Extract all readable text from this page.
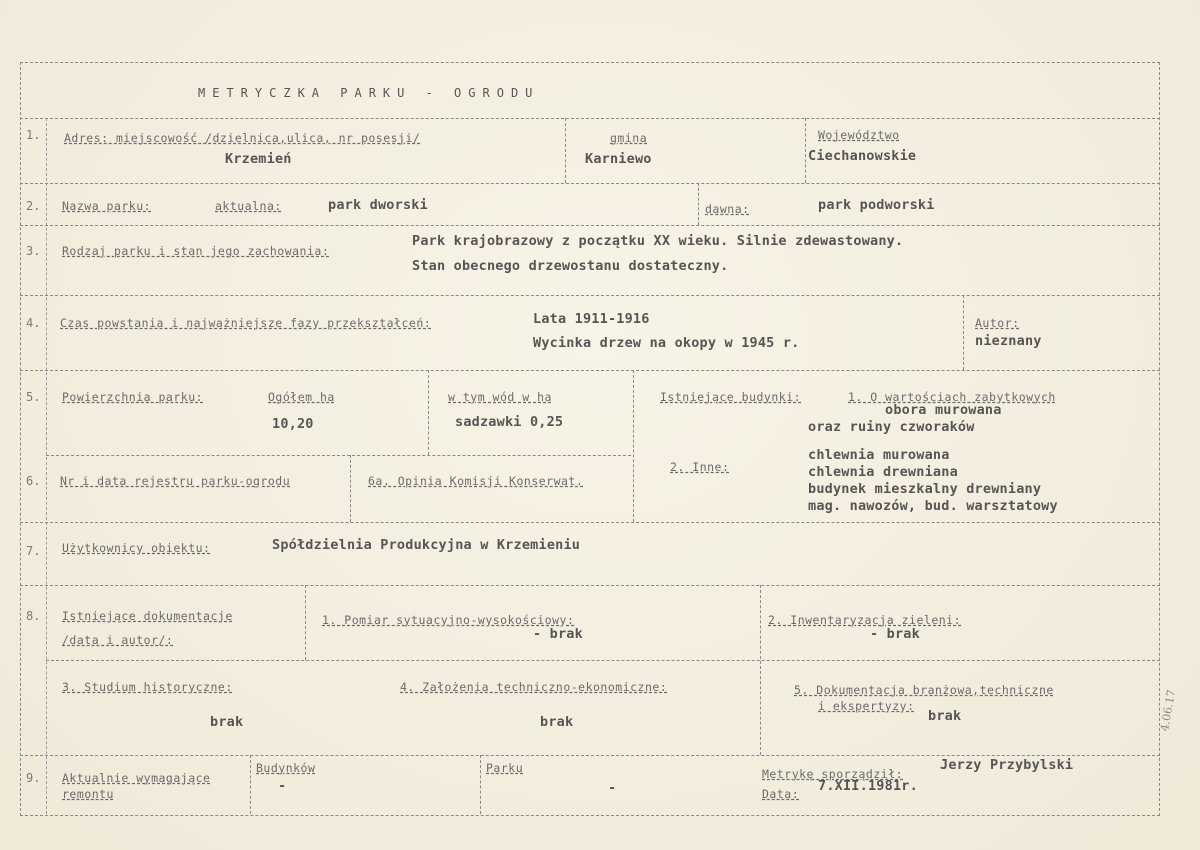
METRYCZKA PARKU - OGRODU
1. Adres: miejscowość /dzielnica,ulica, nr posesji/
Krzemień
gmina
Karniewo
Województwo
Ciechanowskie
2. Nazwa parku:	aktualna:	park dworski	dawna:	park podworski
3. Rodzaj parku i stan jego zachowania:
Park krajobrazowy z początku XX wieku. Silnie zdewastowany.
Stan obecnego drzewostanu dostateczny.
4. Czas powstania i najważniejsze fazy przekształceń:	Lata 1911-1916
Wycinka drzew na okopy w 1945 r.
Autor:
nieznany
5. Powierzchnia parku:	Ogółem ha
10,20
w tym wód w ha
sadzawki 0,25
Istniejące budynki:	1. O wartościach zabytkowych
obora murowana
oraz ruiny czworaków
2. Inne:
chlewnia murowana
chlewnia drewniana
budynek mieszkalny drewniany
mag. nawozów, bud. warsztatowy
6. Nr i data rejestru parku-ogrodu	6a. Opinia Komisji Konserwat.
7. Użytkownicy obiektu:	Spółdzielnia Produkcyjna w Krzemieniu
8. Istniejące dokumentacje
/data i autor/:
1. Pomiar sytuacyjno-wysokościowy:
- brak
2. Inwentaryzacja zieleni:
- brak
3. Studium historyczne:
brak
4. Założenia techniczno-ekonomiczne:
brak
5. Dokumentacja branżowa,techniczne
i ekspertyzy:
brak
9. Aktualnie wymagające
remontu
Budynków
-
Parku
-
Metrykę sporządził:
Jerzy Przybylski
Data: 7.XII.1981r.
4.06.17
